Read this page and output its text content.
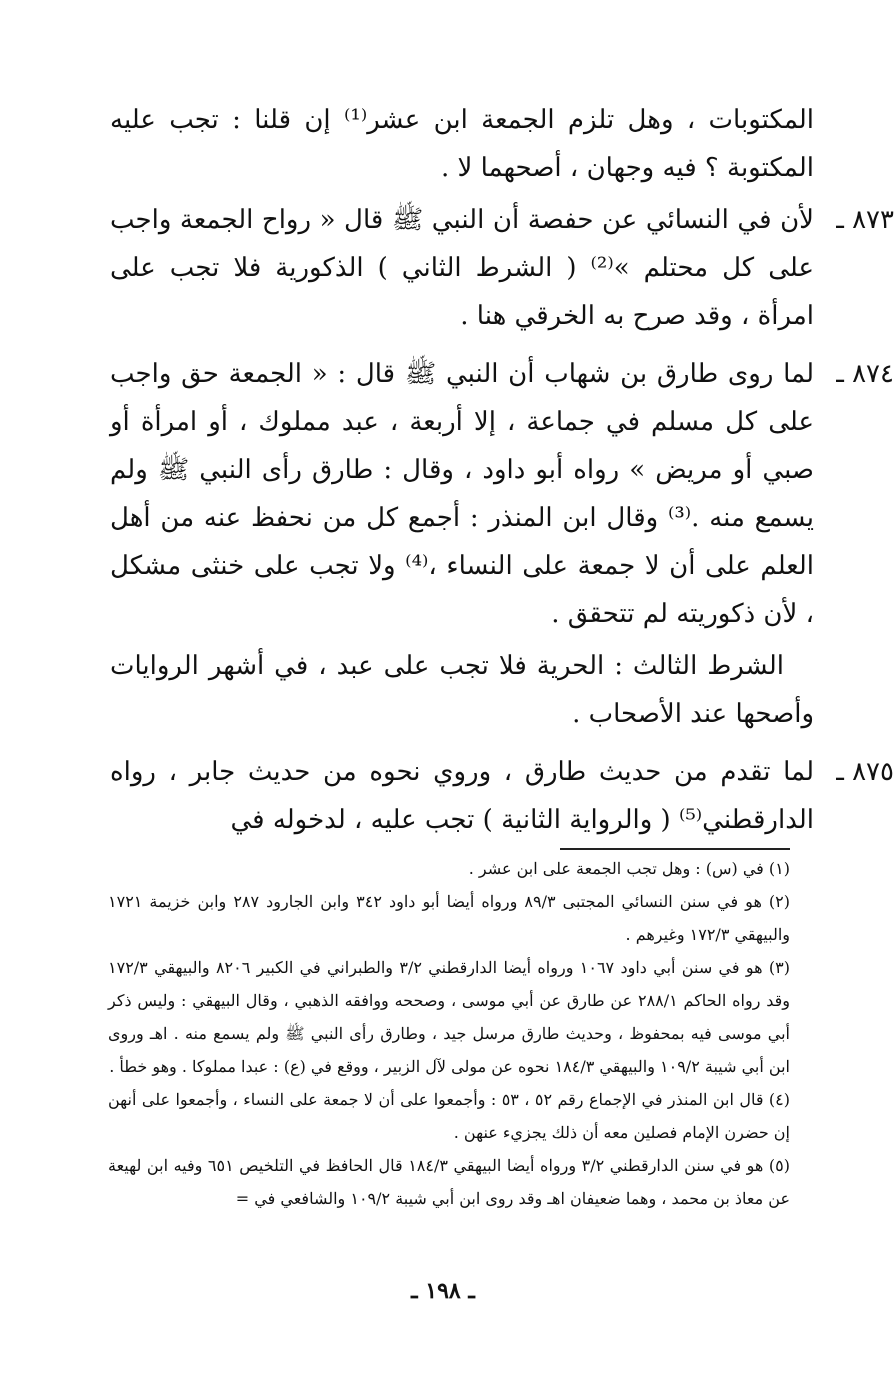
المكتوبات ، وهل تلزم الجمعة ابن عشر⁽¹⁾ إن قلنا : تجب عليه المكتوبة ؟ فيه وجهان ، أصحهما لا .

٨٧٣ ـ
لأن في النسائي عن حفصة أن النبي ﷺ قال « رواح الجمعة واجب على كل محتلم »⁽²⁾ ( الشرط الثاني ) الذكورية فلا تجب على امرأة ، وقد صرح به الخرقي هنا .

٨٧٤ ـ
لما روى طارق بن شهاب أن النبي ﷺ قال : « الجمعة حق واجب على كل مسلم في جماعة ، إلا أربعة ، عبد مملوك ، أو امرأة أو صبي أو مريض » رواه أبو داود ، وقال : طارق رأى النبي ﷺ ولم يسمع منه .⁽³⁾ وقال ابن المنذر : أجمع كل من نحفظ عنه من أهل العلم على أن لا جمعة على النساء ،⁽⁴⁾ ولا تجب على خنثى مشكل ، لأن ذكوريته لم تتحقق .

الشرط الثالث : الحرية فلا تجب على عبد ، في أشهر الروايات وأصحها عند الأصحاب .

٨٧٥ ـ
لما تقدم من حديث طارق ، وروي نحوه من حديث جابر ، رواه الدارقطني⁽⁵⁾ ( والرواية الثانية ) تجب عليه ، لدخوله في

(١) في (س) : وهل تجب الجمعة على ابن عشر .

(٢) هو في سنن النسائي المجتبى ٨٩/٣ ورواه أيضا أبو داود ٣٤٢ وابن الجارود ٢٨٧ وابن خزيمة ١٧٢١ والبيهقي ١٧٢/٣ وغيرهم .

(٣) هو في سنن أبي داود ١٠٦٧ ورواه أيضا الدارقطني ٣/٢ والطبراني في الكبير ٨٢٠٦ والبيهقي ١٧٢/٣ وقد رواه الحاكم ٢٨٨/١ عن طارق عن أبي موسى ، وصححه ووافقه الذهبي ، وقال البيهقي : وليس ذكر أبي موسى فيه بمحفوظ ، وحديث طارق مرسل جيد ، وطارق رأى النبي ﷺ ولم يسمع منه . اهـ وروى ابن أبي شيبة ١٠٩/٢ والبيهقي ١٨٤/٣ نحوه عن مولى لآل الزبير ، ووقع في (ع) : عبدا مملوكا . وهو خطأ .

(٤) قال ابن المنذر في الإجماع رقم ٥٢ ، ٥٣ : وأجمعوا على أن لا جمعة على النساء ، وأجمعوا على أنهن إن حضرن الإمام فصلين معه أن ذلك يجزيء عنهن .

(٥) هو في سنن الدارقطني ٣/٢ ورواه أيضا البيهقي ١٨٤/٣ قال الحافظ في التلخيص ٦٥١ وفيه ابن لهيعة عن معاذ بن محمد ، وهما ضعيفان اهـ وقد روى ابن أبي شيبة ١٠٩/٢ والشافعي في =

ـ ١٩٨ ـ
